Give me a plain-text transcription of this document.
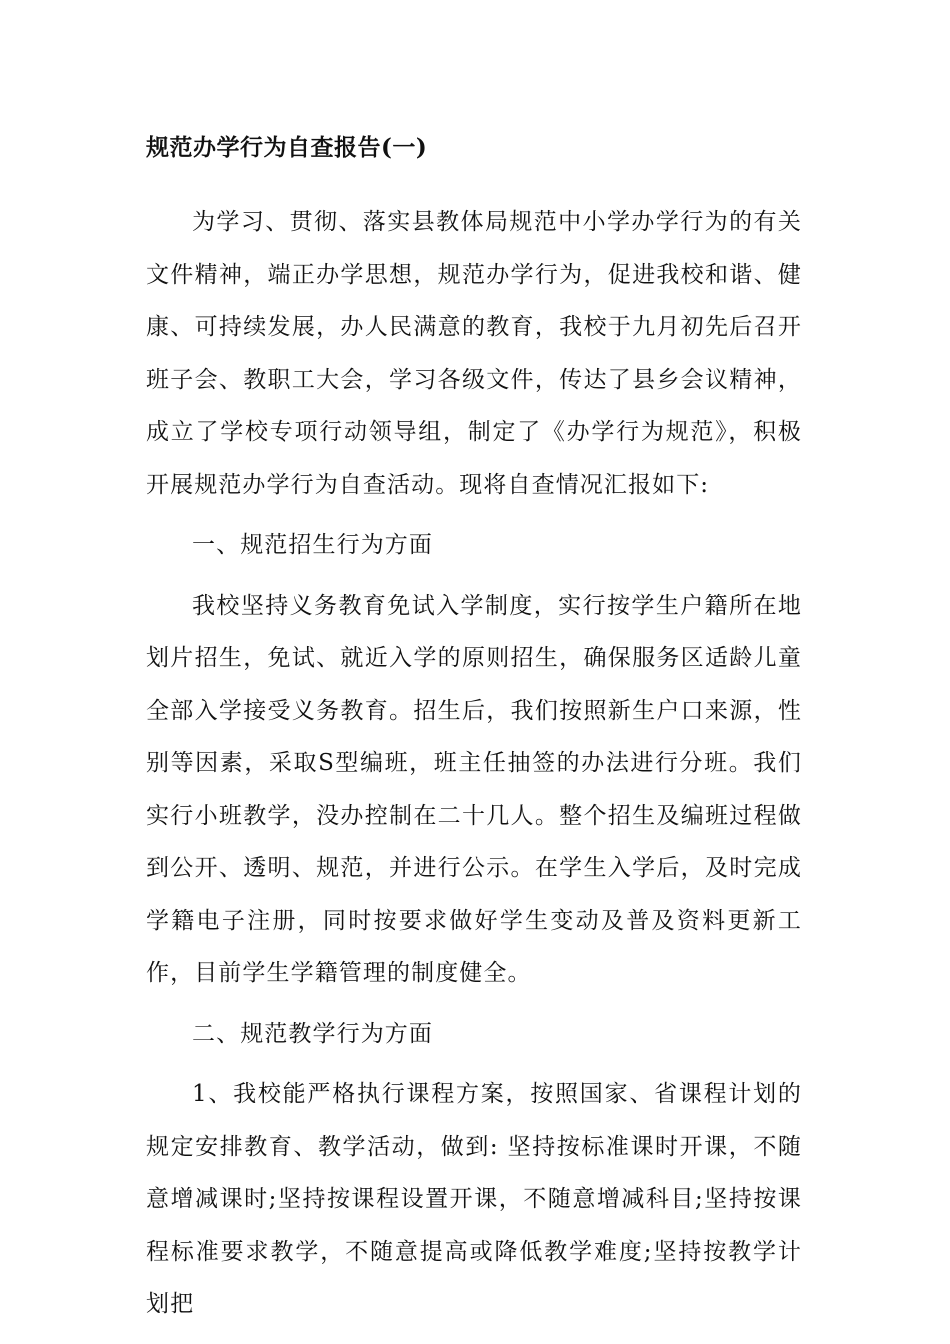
规范办学行为自查报告(一)

为学习、贯彻、落实县教体局规范中小学办学行为的有关文件精神，端正办学思想，规范办学行为，促进我校和谐、健康、可持续发展，办人民满意的教育，我校于九月初先后召开班子会、教职工大会，学习各级文件，传达了县乡会议精神，成立了学校专项行动领导组，制定了《办学行为规范》，积极开展规范办学行为自查活动。现将自查情况汇报如下:

一、规范招生行为方面

我校坚持义务教育免试入学制度，实行按学生户籍所在地划片招生，免试、就近入学的原则招生，确保服务区适龄儿童全部入学接受义务教育。招生后，我们按照新生户口来源，性别等因素，采取S型编班，班主任抽签的办法进行分班。我们实行小班教学，没办控制在二十几人。整个招生及编班过程做到公开、透明、规范，并进行公示。在学生入学后，及时完成学籍电子注册，同时按要求做好学生变动及普及资料更新工作，目前学生学籍管理的制度健全。

二、规范教学行为方面

1、我校能严格执行课程方案，按照国家、省课程计划的规定安排教育、教学活动，做到: 坚持按标准课时开课，不随意增减课时;坚持按课程设置开课，不随意增减科目;坚持按课程标准要求教学，不随意提高或降低教学难度;坚持按教学计划把
